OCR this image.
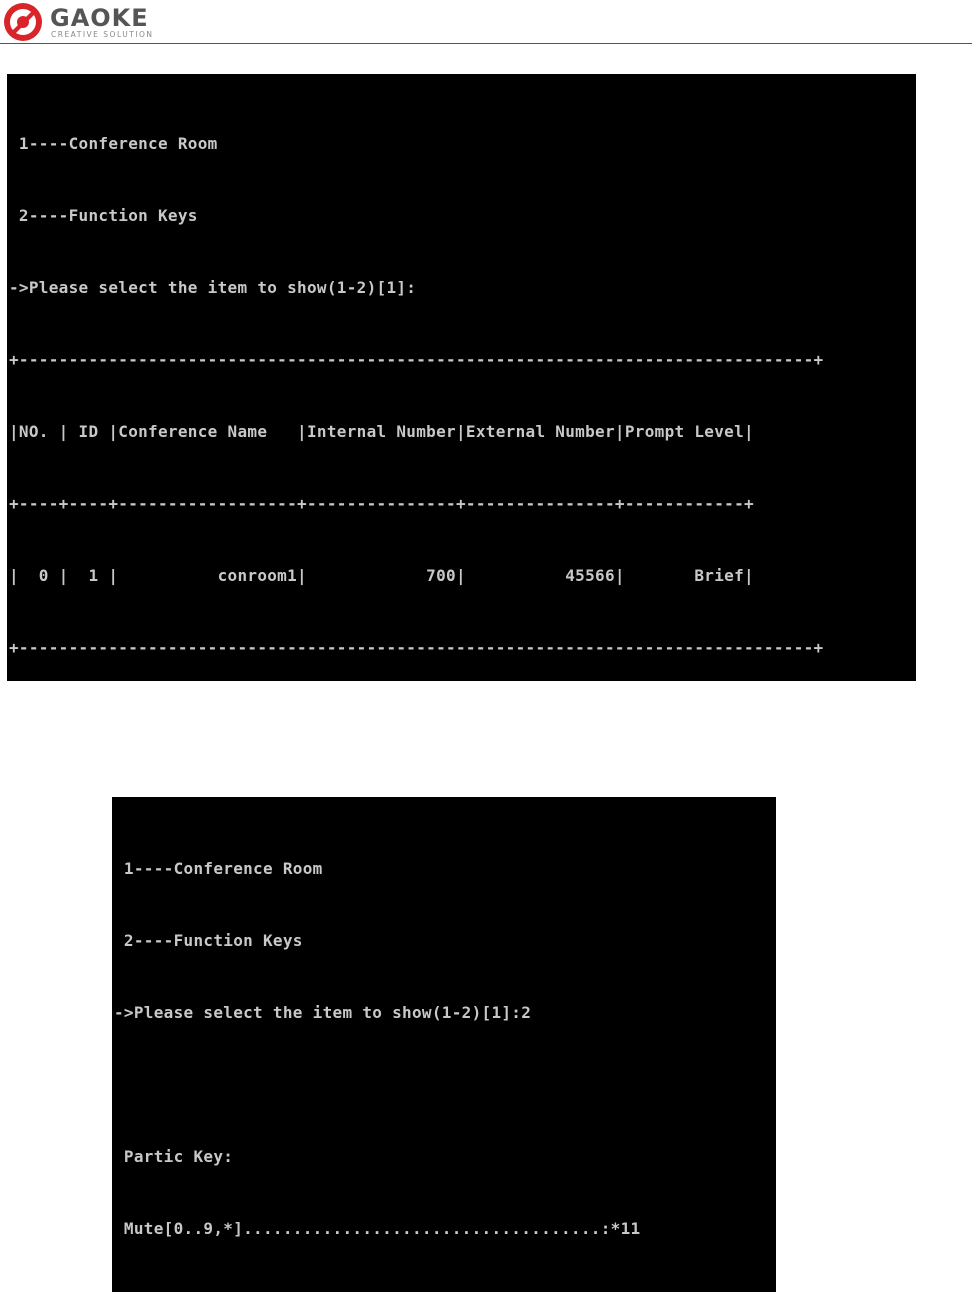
GAOKE
CREATIVE SOLUTION

1----Conference Room

2----Function Keys

->Please select the item to show(1-2)[1]:

+--------------------------------------------------------------------------------+

|NO. | ID |Conference Name   |Internal Number|External Number|Prompt Level|

+----+----+------------------+---------------+---------------+------------+

|  0 |  1 |          conroom1|            700|          45566|       Brief|

+--------------------------------------------------------------------------------+

1----Conference Room

2----Function Keys

->Please select the item to show(1-2)[1]:2

Partic Key:

Mute[0..9,*]....................................:*11
